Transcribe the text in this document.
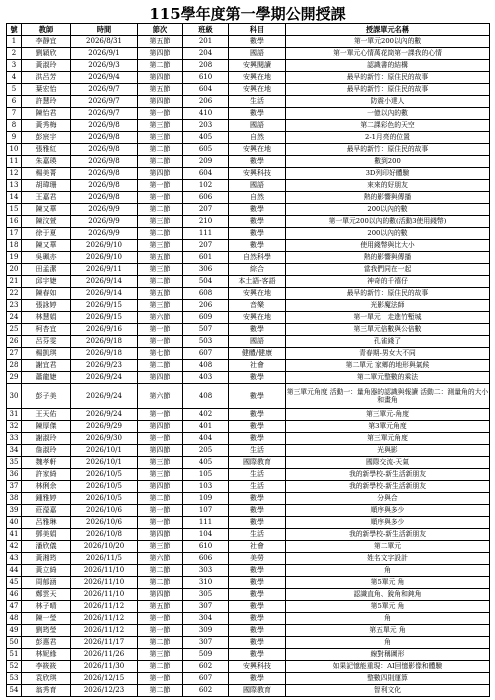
115學年度第一學期公開授課
號	教師	時間	節次	班級	科目	授課單元名稱
1	李靜宜	2026/8/31	第五節	201	數學	第一單元200以內的數
2	劉穎欣	2026/9/1	第四節	204	國語	第一單元心情萬花筒第一課我的心情
3	黃淑玲	2026/9/3	第二節	208	安興閱讀	認識書的結構
4	洪呂芳	2026/9/4	第四節	610	安興在地	最早的新竹：原住民的故事
5	葉宏怡	2026/9/7	第五節	604	安興在地	最早的新竹：原住民的故事
6	許慧玲	2026/9/7	第四節	206	生活	防震小達人
7	陳怡君	2026/9/7	第一節	410	數學	一億以內的數
8	黃秀梅	2026/9/8	第三節	203	國語	第二課彩色的天空
9	彭宸宇	2026/9/8	第三節	405	自然	2-1月亮的位置
10	張雅紅	2026/9/8	第二節	605	安興在地	最早的新竹：原住民的故事
11	朱嘉瑛	2026/9/8	第二節	209	數學	數到200
12	楊美菁	2026/9/8	第四節	604	安興科技	3D列印好體驗
13	胡瑋珊	2026/9/8	第一節	102	國語	來來的好朋友
14	王嘉君	2026/9/8	第一節	606	自然	熱的影響與傳播
15	陳又華	2026/9/9	第二節	207	數學	200以內的數
16	陳汶萱	2026/9/9	第三節	210	數學	第一單元200以內的數(活動3使用錢幣)
17	徐于夏	2026/9/9	第二節	111	數學	200以內的數
18	陳又華	2026/9/10	第三節	207	數學	使用錢幣與比大小
19	吳珮亦	2026/9/10	第五節	601	自然科學	熱的影響與傳播
20	田孟潔	2026/9/11	第三節	306	綜合	當我們同在一起
21	邱宇婕	2026/9/14	第二節	504	本土語-客語	神奇的千禧仔
22	陳春如	2026/9/14	第五節	608	安興在地	最早的新竹：原住民的故事
23	張詠婷	2026/9/15	第三節	206	音樂	光影魔法師
24	林慧娟	2026/9/15	第六節	609	安興在地	第一單元　走進竹塹城
25	柯杏宜	2026/9/16	第一節	507	數學	第三單元倍數與公倍數
26	呂芬雯	2026/9/18	第一節	503	國語	孔雀錢了
27	楊凱琪	2026/9/18	第七節	607	健體/健康	青春期-男女大不同
28	謝宜君	2026/9/23	第二節	408	社會	第二單元 家鄉的地形與氣候
29	蕭龍婕	2026/9/24	第四節	403	數學	第二單元整數的乘法
30	彭子美	2026/9/24	第六節	408	數學	第三單元角度 活動一：量角器的認識與報讀 活動二：測量角的大小和畫角
31	王天佑	2026/9/24	第一節	402	數學	第三單元-角度
32	陳厚傑	2026/9/29	第四節	401	數學	第3單元角度
33	謝淑玲	2026/9/30	第一節	404	數學	第三單元角度
34	詹淑玲	2026/10/1	第四節	205	生活	光與影
35	魏孝軒	2026/10/1	第三節	405	國際教育	國際交流-天氣
36	許家綺	2026/10/5	第三節	105	生活	我的新學校-新生活新朋友
37	林俐余	2026/10/5	第四節	103	生活	我的新學校-新生活新朋友
38	鍾雅婷	2026/10/5	第二節	109	數學	分與合
39	莊瀅嘉	2026/10/6	第一節	107	數學	順序與多少
40	呂雅琳	2026/10/6	第一節	111	數學	順序與多少
41	鄧美娟	2026/10/8	第四節	104	生活	我的新學校-新生活新朋友
42	潘欣儀	2026/10/20	第三節	610	社會	第二單元
43	黃湘筠	2026/11/5	第六節	606	美勞	姓名文字設計
44	黃立綺	2026/11/10	第二節	303	數學	角
45	周郁涵	2026/11/10	第二節	310	數學	第5單元 角
46	鄭雲天	2026/11/10	第四節	305	數學	認識直角、銳角和鈍角
47	林子晴	2026/11/12	第五節	307	數學	第5單元 角
48	陳一瑩	2026/11/12	第一節	304	數學	角
49	劉筠瑩	2026/11/12	第一節	309	數學	第五單元 角
50	彭惠君	2026/11/17	第二節	307	數學	角
51	林妮緣	2026/11/26	第三節	509	數學	線對稱圖形
52	李筱筱	2026/11/30	第二節	602	安興科技	如果記憶能重現：AI回憶影像和體驗
53	袁欣琪	2026/12/15	第一節	607	數學	整數四則運算
54	翁秀育	2026/12/23	第二節	602	國際教育	智利文化
